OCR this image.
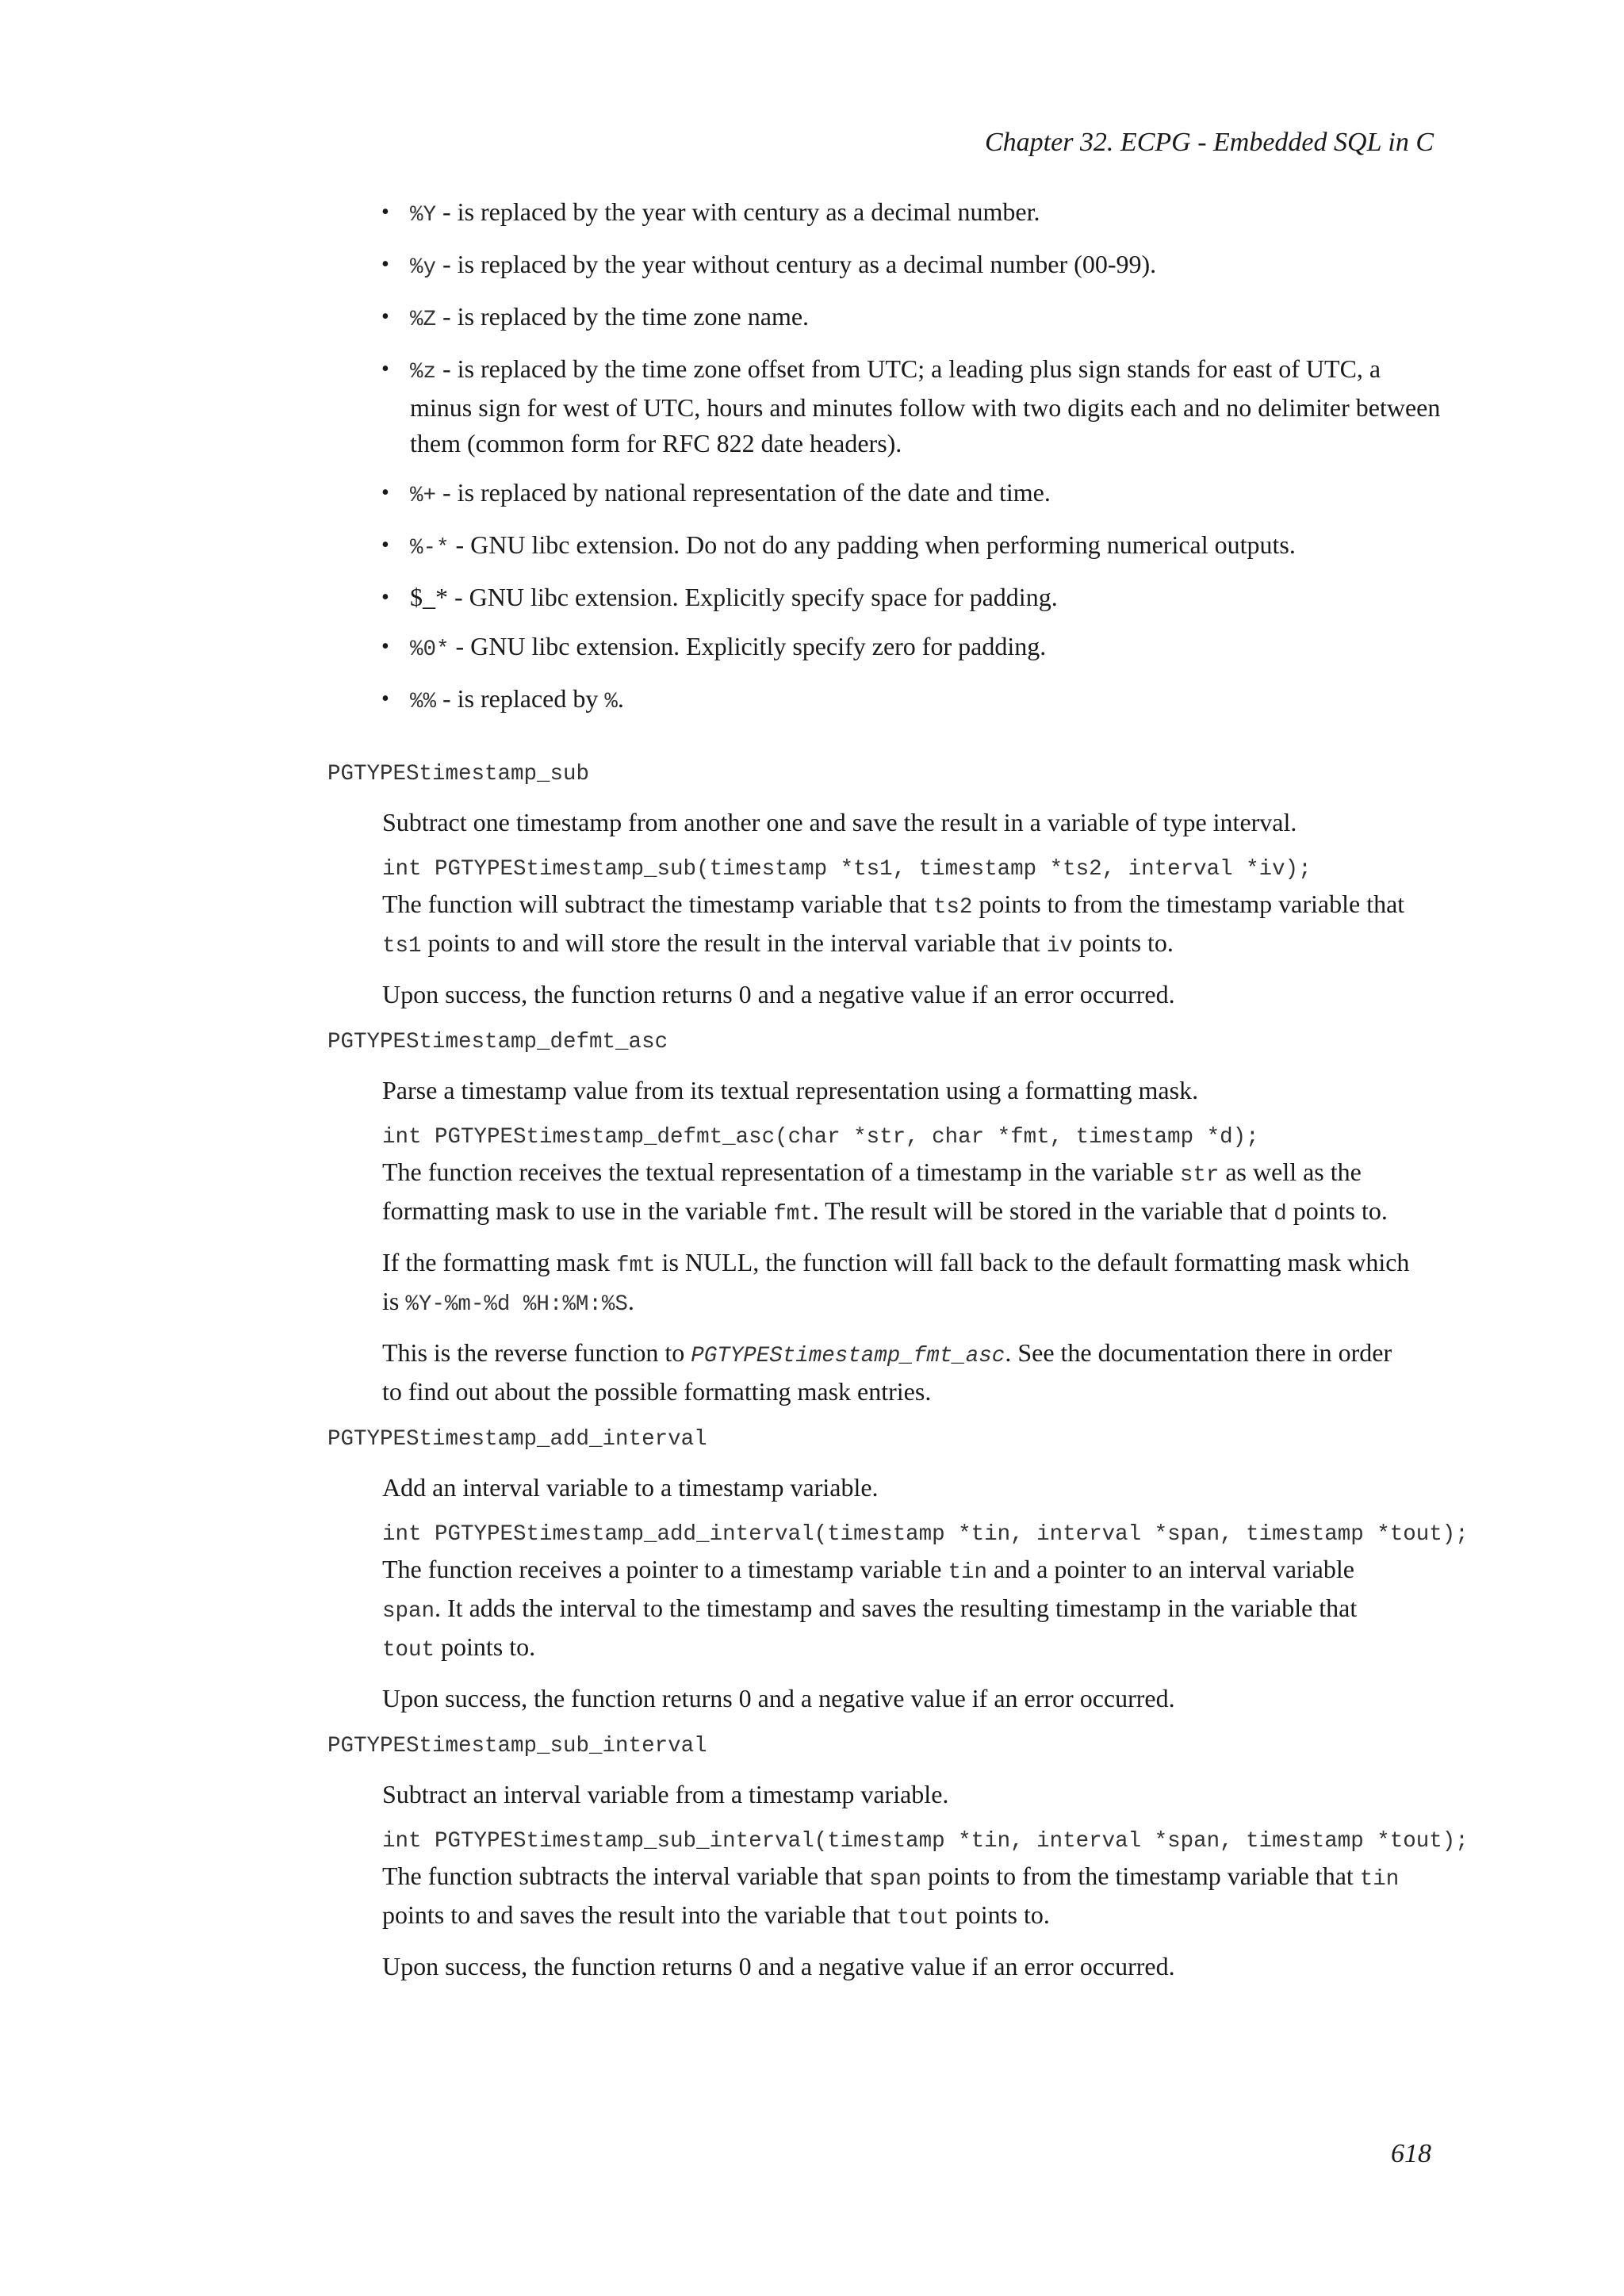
Chapter 32. ECPG - Embedded SQL in C
• %Y - is replaced by the year with century as a decimal number.
• %y - is replaced by the year without century as a decimal number (00-99).
• %Z - is replaced by the time zone name.
• %z - is replaced by the time zone offset from UTC; a leading plus sign stands for east of UTC, a minus sign for west of UTC, hours and minutes follow with two digits each and no delimiter between them (common form for RFC 822 date headers).
• %+ - is replaced by national representation of the date and time.
• %-* - GNU libc extension. Do not do any padding when performing numerical outputs.
• $_* - GNU libc extension. Explicitly specify space for padding.
• %0* - GNU libc extension. Explicitly specify zero for padding.
• %% - is replaced by %.
PGTYPEStimestamp_sub

Subtract one timestamp from another one and save the result in a variable of type interval.

int PGTYPEStimestamp_sub(timestamp *ts1, timestamp *ts2, interval *iv);

The function will subtract the timestamp variable that ts2 points to from the timestamp variable that ts1 points to and will store the result in the interval variable that iv points to.

Upon success, the function returns 0 and a negative value if an error occurred.

PGTYPEStimestamp_defmt_asc

Parse a timestamp value from its textual representation using a formatting mask.

int PGTYPEStimestamp_defmt_asc(char *str, char *fmt, timestamp *d);

The function receives the textual representation of a timestamp in the variable str as well as the formatting mask to use in the variable fmt. The result will be stored in the variable that d points to.

If the formatting mask fmt is NULL, the function will fall back to the default formatting mask which is %Y-%m-%d %H:%M:%S.

This is the reverse function to PGTYPEStimestamp_fmt_asc. See the documentation there in order to find out about the possible formatting mask entries.

PGTYPEStimestamp_add_interval

Add an interval variable to a timestamp variable.

int PGTYPEStimestamp_add_interval(timestamp *tin, interval *span, timestamp *tout);

The function receives a pointer to a timestamp variable tin and a pointer to an interval variable span. It adds the interval to the timestamp and saves the resulting timestamp in the variable that tout points to.

Upon success, the function returns 0 and a negative value if an error occurred.

PGTYPEStimestamp_sub_interval

Subtract an interval variable from a timestamp variable.

int PGTYPEStimestamp_sub_interval(timestamp *tin, interval *span, timestamp *tout);

The function subtracts the interval variable that span points to from the timestamp variable that tin points to and saves the result into the variable that tout points to.

Upon success, the function returns 0 and a negative value if an error occurred.

618
